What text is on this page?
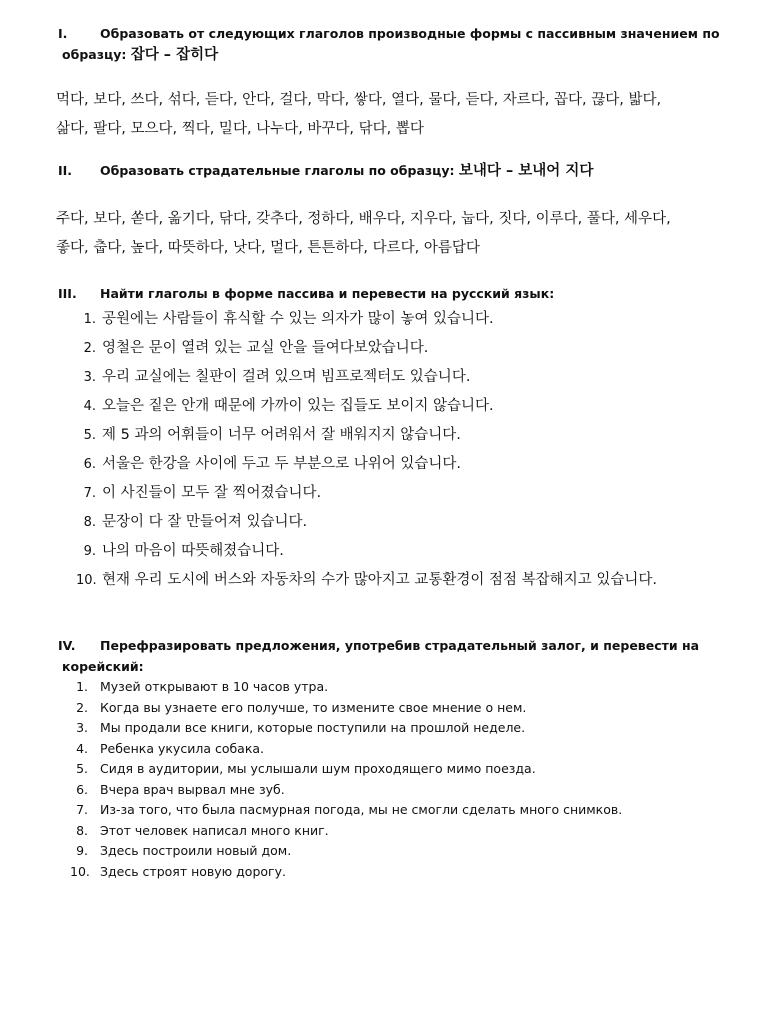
I.	Образовать от следующих глаголов производные формы с пассивным значением по
образцу: 잡다 – 잡히다
먹다, 보다, 쓰다, 섞다, 듣다, 안다, 걸다, 막다, 쌓다, 열다, 물다, 듣다, 자르다, 꼽다, 끊다, 밟다,
삶다, 팔다, 모으다, 찍다, 밀다, 나누다, 바꾸다, 닦다, 뽑다
II. Образовать страдательные глаголы по образцу: 보내다 – 보내어 지다
주다, 보다, 쏟다, 옮기다, 닦다, 갖추다, 정하다, 배우다, 지우다, 눕다, 짓다, 이루다, 풀다, 세우다,
좋다, 춥다, 높다, 따뜻하다, 낫다, 멀다, 튼튼하다, 다르다, 아름답다
III. Найти глаголы в форме пассива и перевести на русский язык:
1. 공원에는 사람들이 휴식할 수 있는 의자가 많이 놓여 있습니다.
2. 영철은 문이 열려 있는 교실 안을 들여다보았습니다.
3. 우리 교실에는 칠판이 걸려 있으며 빔프로젝터도 있습니다.
4. 오늘은 짙은 안개 때문에 가까이 있는 집들도 보이지 않습니다.
5. 제 5 과의 어휘들이 너무 어려워서 잘 배워지지 않습니다.
6. 서울은 한강을 사이에 두고 두 부분으로 나위어 있습니다.
7. 이 사진들이 모두 잘 찍어졌습니다.
8. 문장이 다 잘 만들어져 있습니다.
9. 나의 마음이 따뜻해졌습니다.
10. 현재 우리 도시에 버스와 자동차의 수가 많아지고 교통환경이 점점 복잡해지고 있습니다.
IV. Перефразировать предложения, употребив страдательный залог, и перевести на
корейский:
1. Музей открывают в 10 часов утра.
2. Когда вы узнаете его получше, то измените свое мнение о нем.
3. Мы продали все книги, которые поступили на прошлой неделе.
4. Ребенка укусила собака.
5. Сидя в аудитории, мы услышали шум проходящего мимо поезда.
6. Вчера врач вырвал мне зуб.
7. Из-за того, что была пасмурная погода, мы не смогли сделать много снимков.
8. Этот человек написал много книг.
9. Здесь построили новый дом.
10. Здесь строят новую дорогу.
